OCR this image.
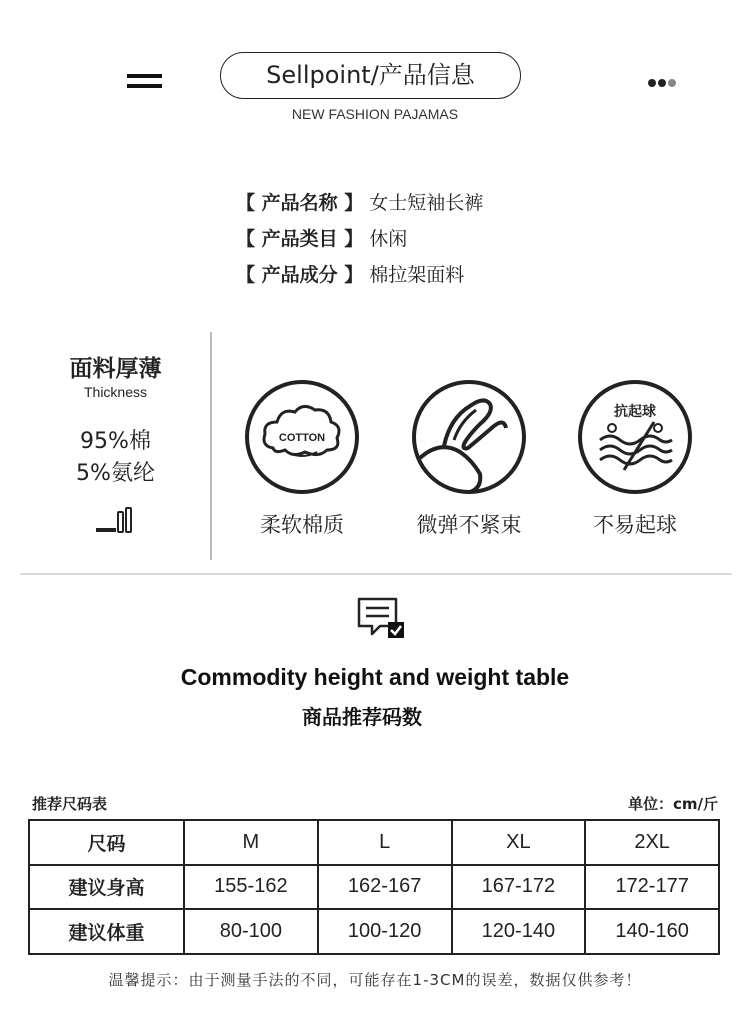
Sellpoint/产品信息
NEW FASHION PAJAMAS
【 产品名称 】 女士短袖长裤
【 产品类目 】 休闲
【 产品成分 】 棉拉架面料
面料厚薄
Thickness
95%棉
5%氨纶
COTTON
柔软棉质	微弹不紧束
抗起球
不易起球
Commodity height and weight table
商品推荐码数
推荐尺码表	单位：cm/斤
尺码	M	L	XL	2XL
建议身高	155-162	162-167	167-172	172-177
建议体重	80-100	100-120	120-140	140-160
温馨提示：由于测量手法的不同，可能存在1-3CM的误差，数据仅供参考！
